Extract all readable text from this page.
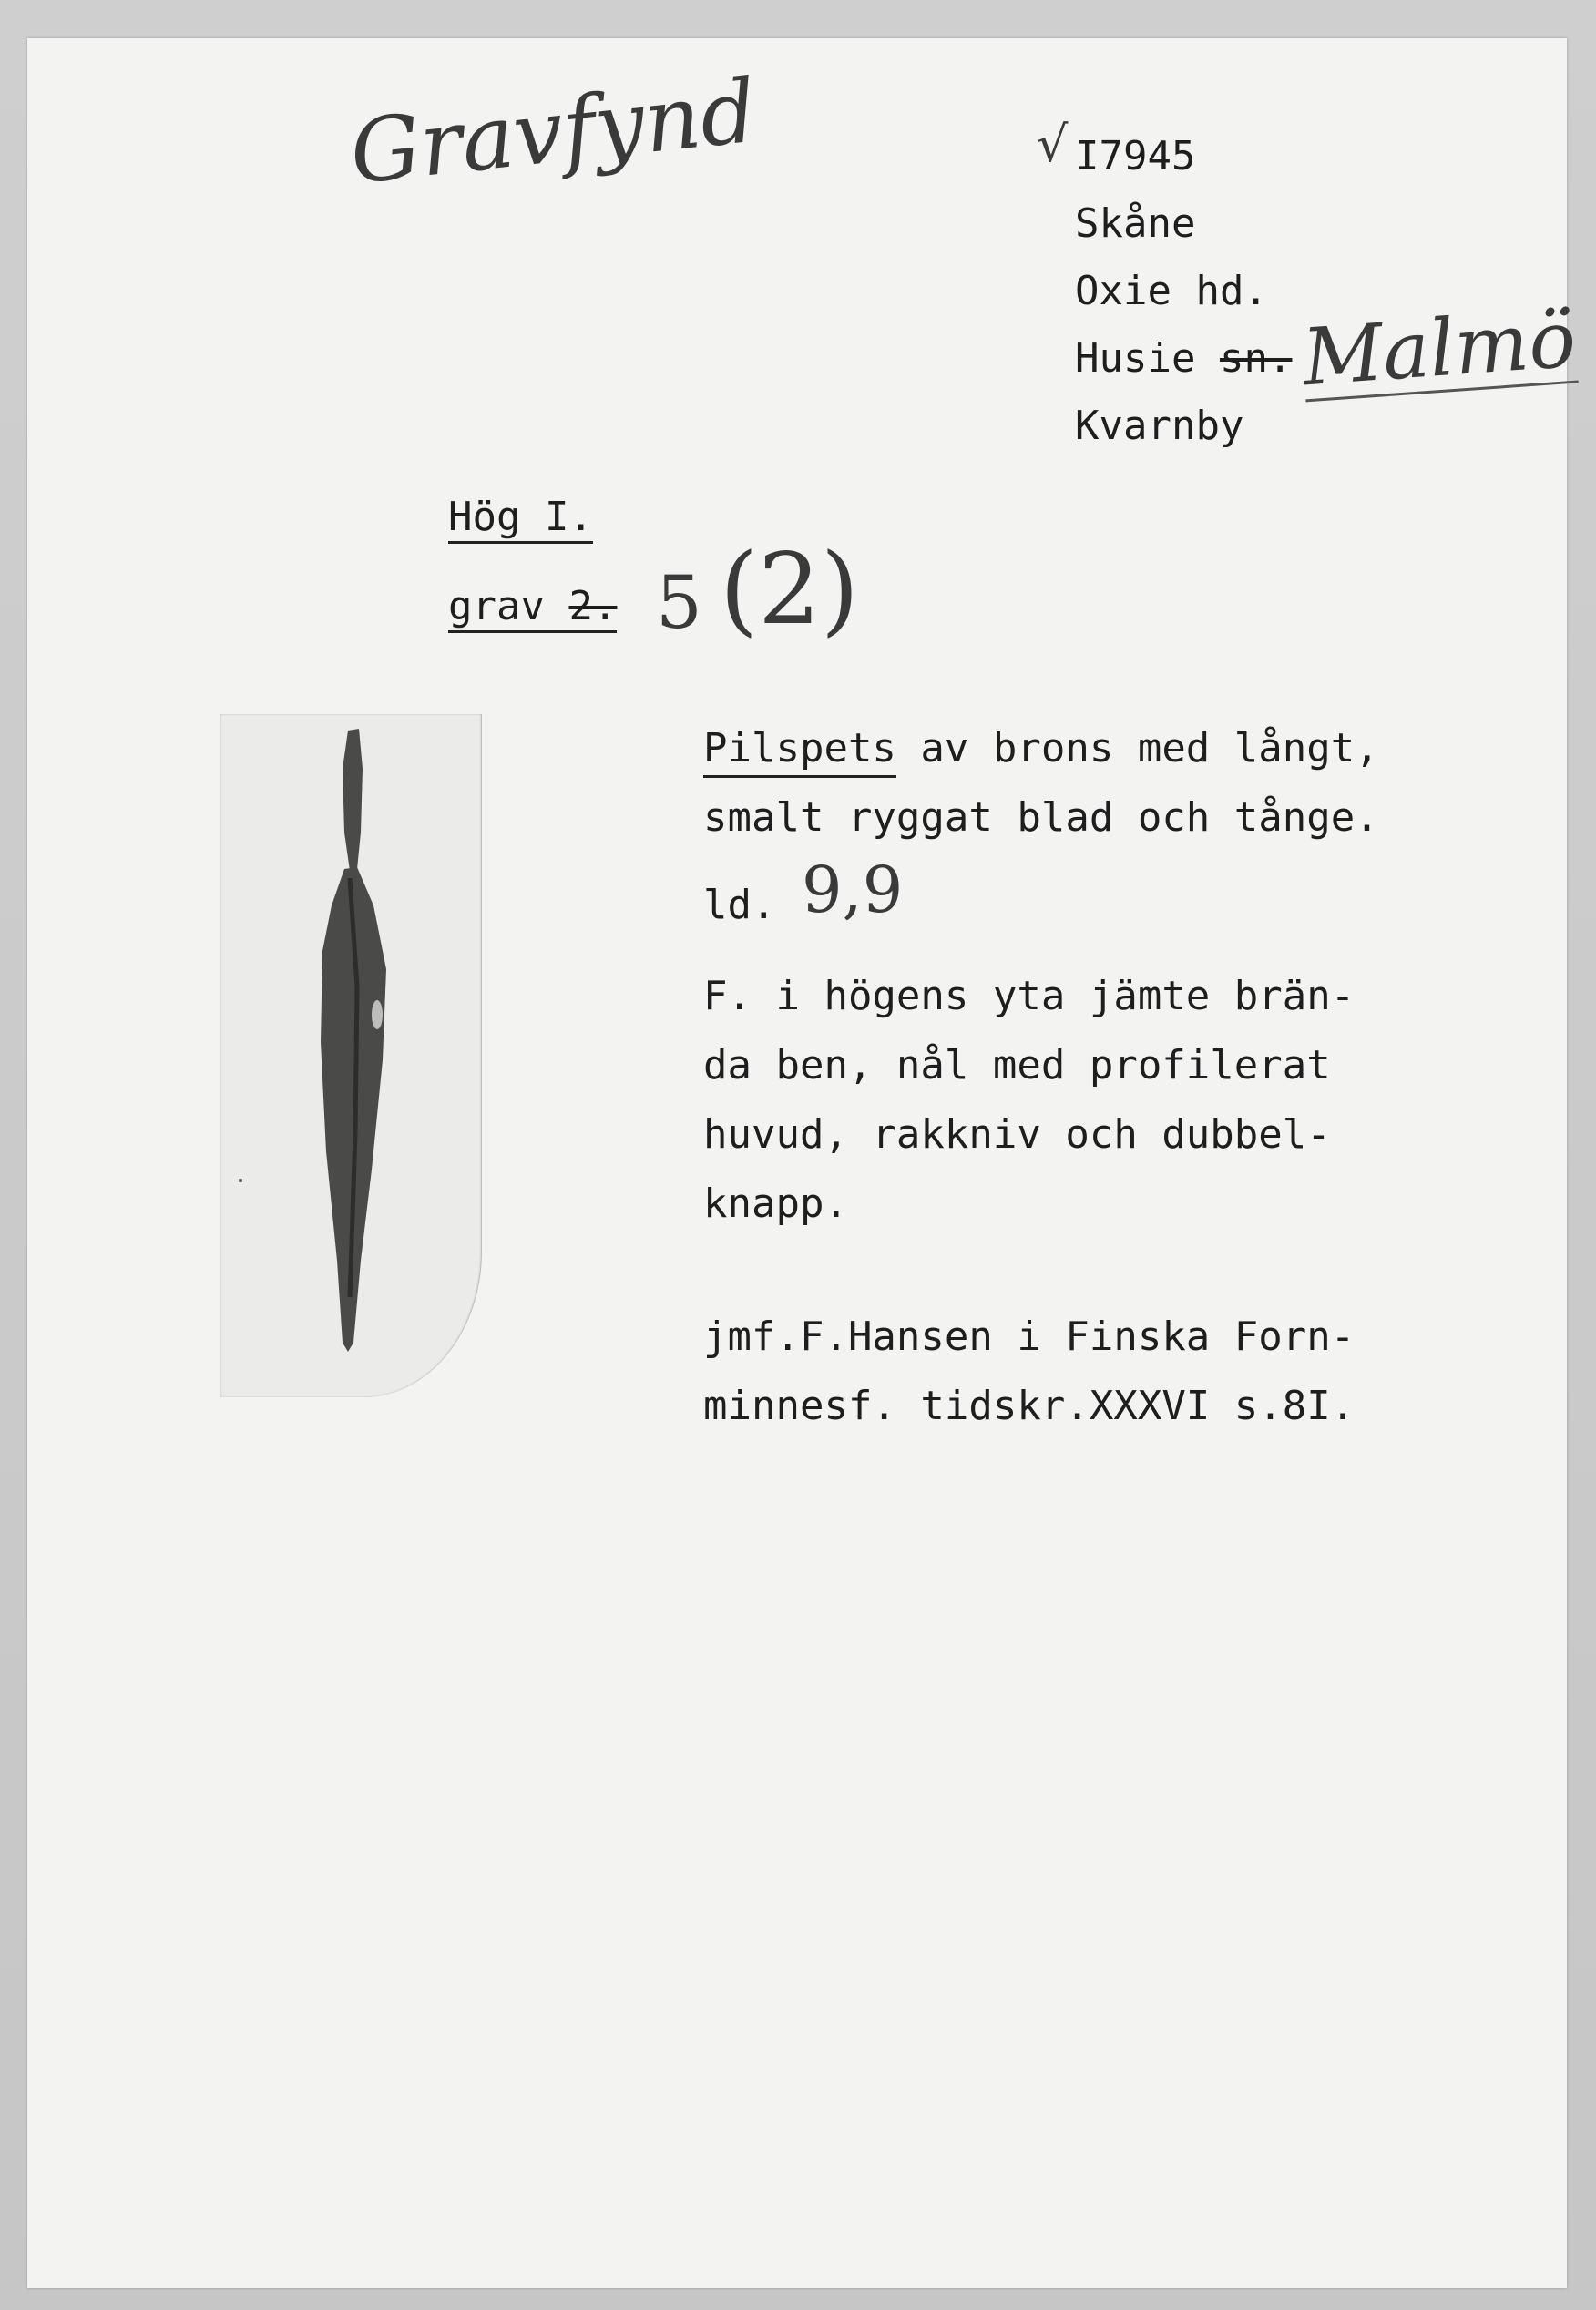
Gravfynd	√ I7945
Skåne
Oxie hd.
Husie sn. Malmö
Kvarnby
Hög I.
grav 2. 5 (2)
Pilspets av brons med långt,
smalt ryggat blad och tånge.
ld. 9,9
F. i högens yta jämte brän-
da ben, nål med profilerat
huvud, rakkniv och dubbel-
knapp.
jmf.F.Hansen i Finska Forn-
minnesf. tidskr.XXXVI s.8I.
